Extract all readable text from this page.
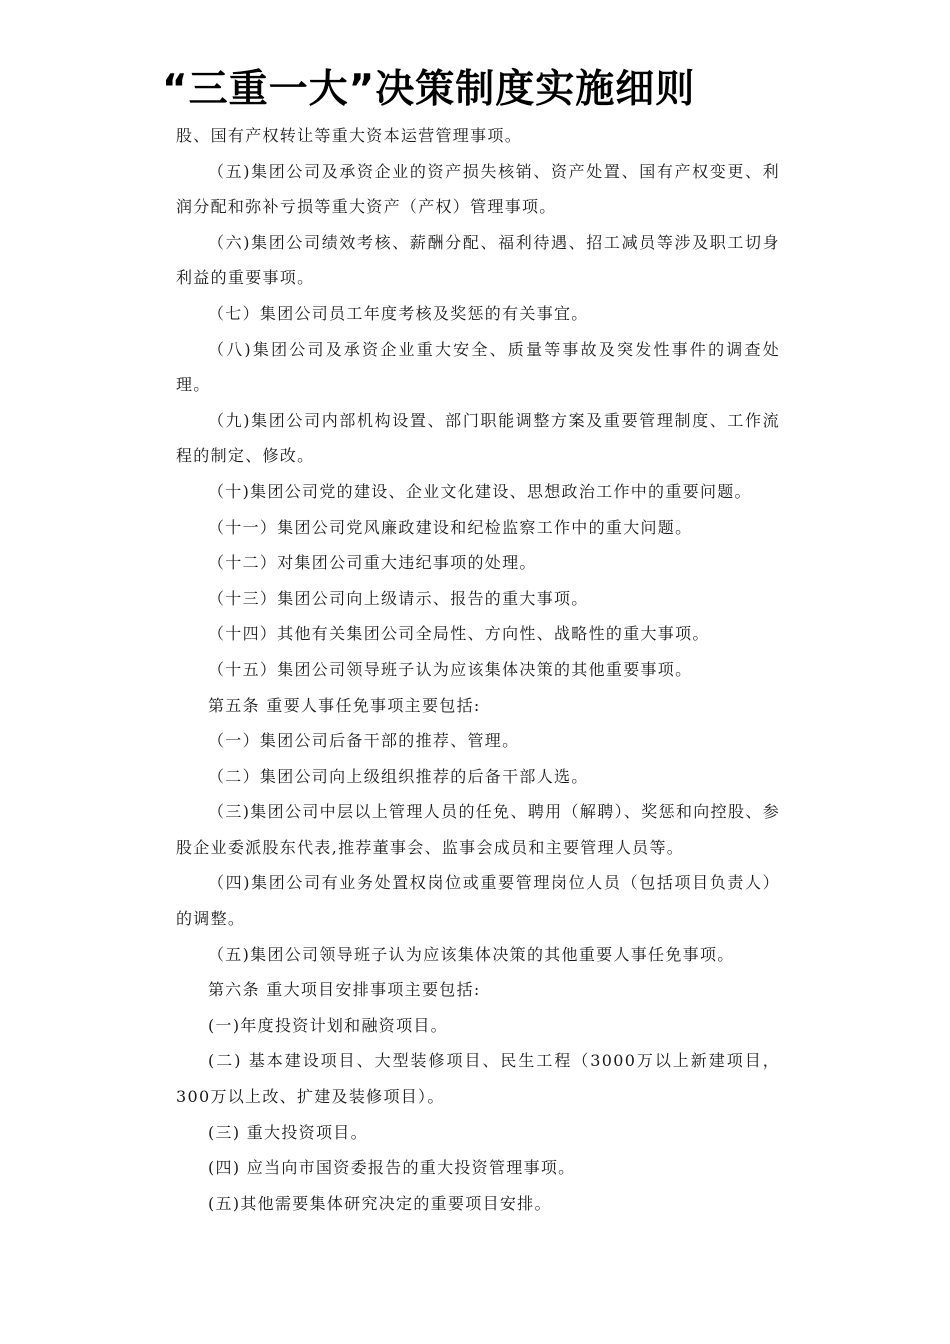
“三重一大”决策制度实施细则

股、国有产权转让等重大资本运营管理事项。

（五)集团公司及承资企业的资产损失核销、资产处置、国有产权变更、利润分配和弥补亏损等重大资产（产权）管理事项。

（六)集团公司绩效考核、薪酬分配、福利待遇、招工减员等涉及职工切身利益的重要事项。

（七）集团公司员工年度考核及奖惩的有关事宜。

（八)集团公司及承资企业重大安全、质量等事故及突发性事件的调查处理。

（九)集团公司内部机构设置、部门职能调整方案及重要管理制度、工作流程的制定、修改。

（十)集团公司党的建设、企业文化建设、思想政治工作中的重要问题。

（十一）集团公司党风廉政建设和纪检监察工作中的重大问题。

（十二）对集团公司重大违纪事项的处理。

（十三）集团公司向上级请示、报告的重大事项。

（十四）其他有关集团公司全局性、方向性、战略性的重大事项。

（十五）集团公司领导班子认为应该集体决策的其他重要事项。

第五条 重要人事任免事项主要包括:

（一）集团公司后备干部的推荐、管理。

（二）集团公司向上级组织推荐的后备干部人选。

（三)集团公司中层以上管理人员的任免、聘用（解聘）、奖惩和向控股、参股企业委派股东代表,推荐董事会、监事会成员和主要管理人员等。

（四)集团公司有业务处置权岗位或重要管理岗位人员（包括项目负责人）的调整。

（五)集团公司领导班子认为应该集体决策的其他重要人事任免事项。

第六条 重大项目安排事项主要包括:

(一)年度投资计划和融资项目。

(二) 基本建设项目、大型装修项目、民生工程（3000万以上新建项目，300万以上改、扩建及装修项目）。

(三) 重大投资项目。

(四) 应当向市国资委报告的重大投资管理事项。

(五)其他需要集体研究决定的重要项目安排。
